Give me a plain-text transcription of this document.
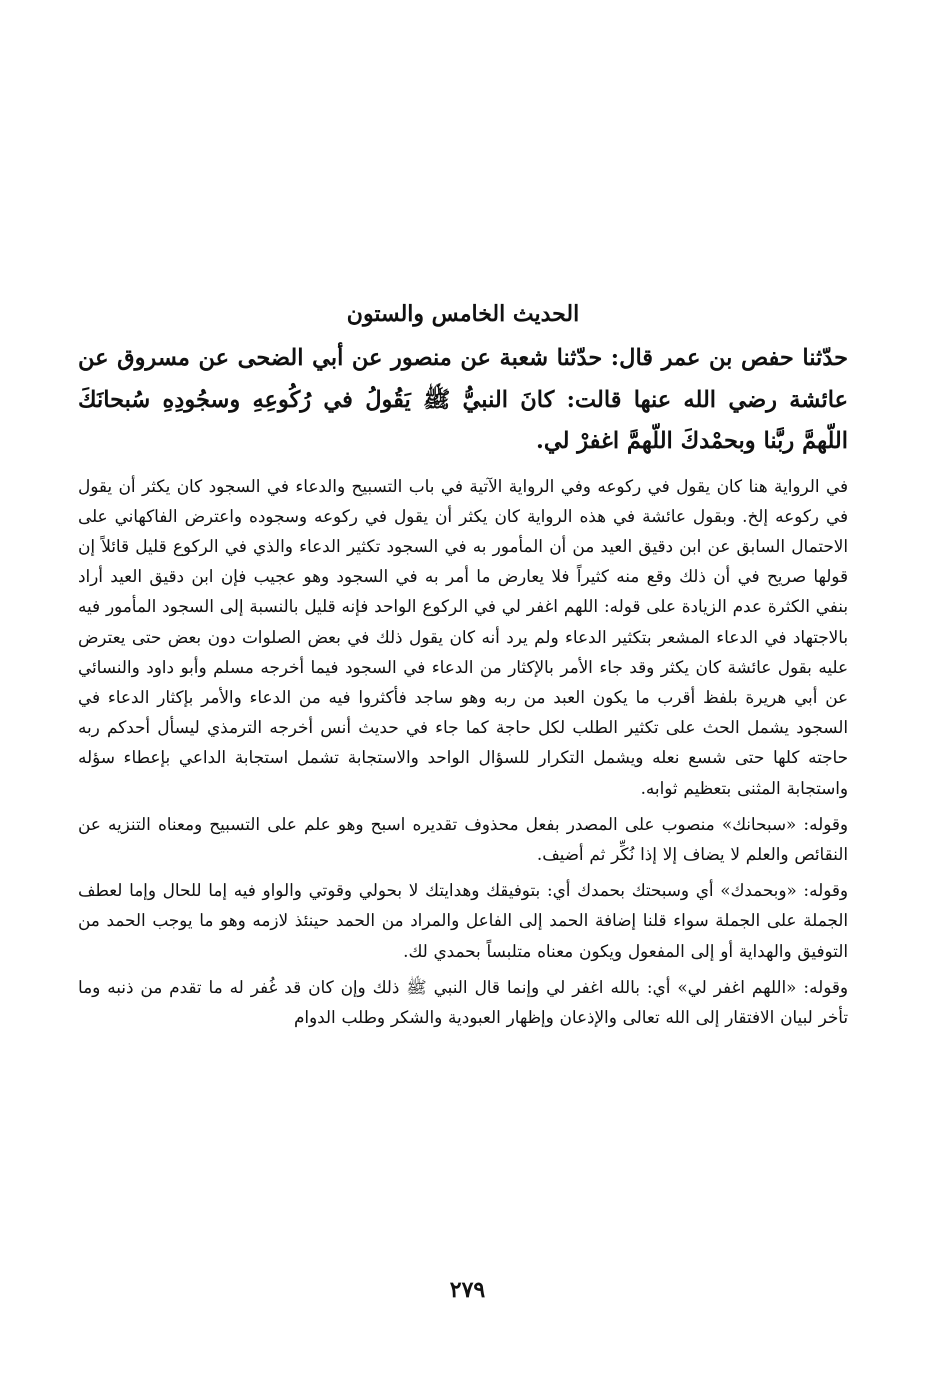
الحديث الخامس والستون
حدّثنا حفص بن عمر قال: حدّثنا شعبة عن منصور عن أبي الضحى عن مسروق عن عائشة رضي الله عنها قالت: كانَ النبيُّ ﷺ يَقُولُ في رُكُوعِهِ وسجُودِهِ سُبحانَكَ اللّهمَّ ربَّنا وبحمْدكَ اللّهمَّ اغفرْ لي.
في الرواية هنا كان يقول في ركوعه وفي الرواية الآتية في باب التسبيح والدعاء في السجود كان يكثر أن يقول في ركوعه إلخ. وبقول عائشة في هذه الرواية كان يكثر أن يقول في ركوعه وسجوده واعترض الفاكهاني على الاحتمال السابق عن ابن دقيق العيد من أن المأمور به في السجود تكثير الدعاء والذي في الركوع قليل قائلاً إن قولها صريح في أن ذلك وقع منه كثيراً فلا يعارض ما أمر به في السجود وهو عجيب فإن ابن دقيق العيد أراد بنفي الكثرة عدم الزيادة على قوله: اللهم اغفر لي في الركوع الواحد فإنه قليل بالنسبة إلى السجود المأمور فيه بالاجتهاد في الدعاء المشعر بتكثير الدعاء ولم يرد أنه كان يقول ذلك في بعض الصلوات دون بعض حتى يعترض عليه بقول عائشة كان يكثر وقد جاء الأمر بالإكثار من الدعاء في السجود فيما أخرجه مسلم وأبو داود والنسائي عن أبي هريرة بلفظ أقرب ما يكون العبد من ربه وهو ساجد فأكثروا فيه من الدعاء والأمر بإكثار الدعاء في السجود يشمل الحث على تكثير الطلب لكل حاجة كما جاء في حديث أنس أخرجه الترمذي ليسأل أحدكم ربه حاجته كلها حتى شسع نعله ويشمل التكرار للسؤال الواحد والاستجابة تشمل استجابة الداعي بإعطاء سؤله واستجابة المثنى بتعظيم ثوابه.
وقوله: «سبحانك» منصوب على المصدر بفعل محذوف تقديره اسبح وهو علم على التسبيح ومعناه التنزيه عن النقائص والعلم لا يضاف إلا إذا نُكِّر ثم أضيف.
وقوله: «وبحمدك» أي وسبحتك بحمدك أي: بتوفيقك وهدايتك لا بحولي وقوتي والواو فيه إما للحال وإما لعطف الجملة على الجملة سواء قلنا إضافة الحمد إلى الفاعل والمراد من الحمد حينئذ لازمه وهو ما يوجب الحمد من التوفيق والهداية أو إلى المفعول ويكون معناه متلبساً بحمدي لك.
وقوله: «اللهم اغفر لي» أي: بالله اغفر لي وإنما قال النبي ﷺ ذلك وإن كان قد غُفر له ما تقدم من ذنبه وما تأخر لبيان الافتقار إلى الله تعالى والإذعان وإظهار العبودية والشكر وطلب الدوام
٢٧٩
